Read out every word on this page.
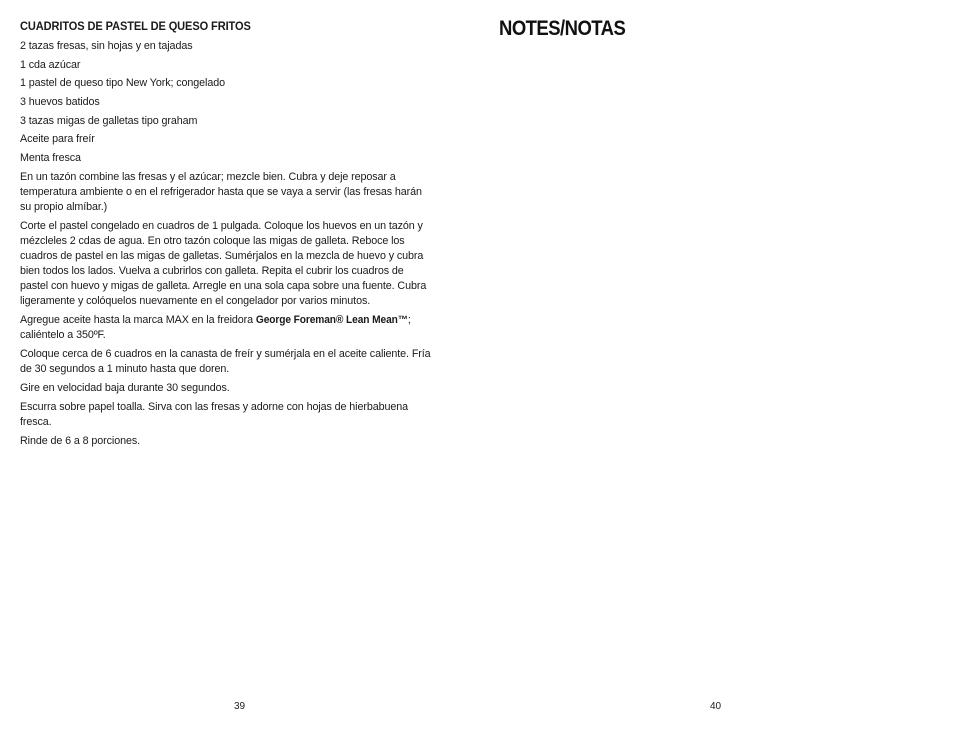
CUADRITOS DE PASTEL DE QUESO FRITOS
2 tazas fresas, sin hojas y en tajadas
1 cda azúcar
1 pastel de queso tipo New York; congelado
3 huevos batidos
3 tazas migas de galletas tipo graham
Aceite para freír
Menta fresca
En un tazón combine las fresas y el azúcar; mezcle bien. Cubra y deje reposar a temperatura ambiente o en el refrigerador hasta que se vaya a servir (las fresas harán su propio almíbar.)
Corte el pastel congelado en cuadros de 1 pulgada. Coloque los huevos en un tazón y mézcleles 2 cdas de agua. En otro tazón coloque las migas de galleta. Reboce los cuadros de pastel en las migas de galletas. Sumérjalos en la mezcla de huevo y cubra bien todos los lados. Vuelva a cubrirlos con galleta. Repita el cubrir los cuadros de pastel con huevo y migas de galleta. Arregle en una sola capa sobre una fuente. Cubra ligeramente y colóquelos nuevamente en el congelador por varios minutos.
Agregue aceite hasta la marca MAX en la freidora George Foreman® Lean Mean™; caliéntelo a 350ºF.
Coloque cerca de 6 cuadros en la canasta de freír y sumérjala en el aceite caliente. Fría de 30 segundos a 1 minuto hasta que doren.
Gire en velocidad baja durante 30 segundos.
Escurra sobre papel toalla. Sirva con las fresas y adorne con hojas de hierbabuena fresca.
Rinde de 6 a 8 porciones.
NOTES/NOTAS
39	40
